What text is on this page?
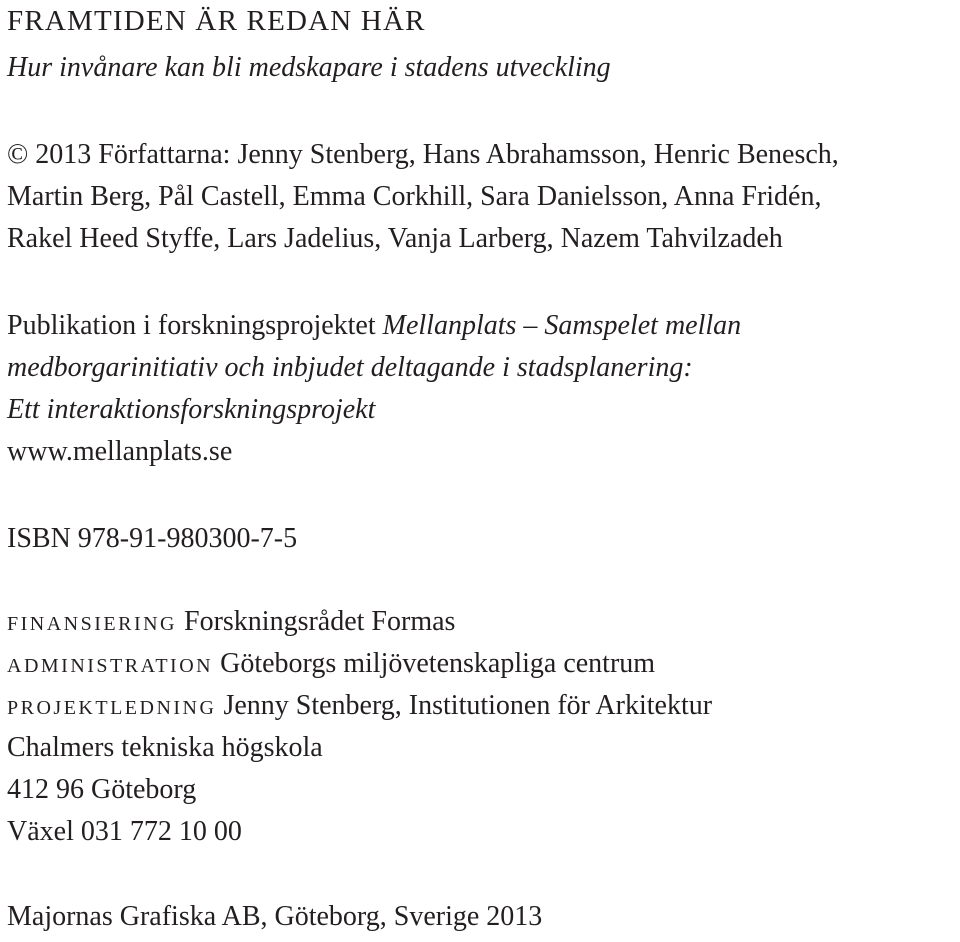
FRAMTIDEN ÄR REDAN HÄR
Hur invånare kan bli medskapare i stadens utveckling
© 2013 Författarna: Jenny Stenberg, Hans Abrahamsson, Henric Benesch,
Martin Berg, Pål Castell, Emma Corkhill, Sara Danielsson, Anna Fridén,
Rakel Heed Styffe, Lars Jadelius, Vanja Larberg, Nazem Tahvilzadeh
Publikation i forskningsprojektet Mellanplats – Samspelet mellan
medborgarinitiativ och inbjudet deltagande i stadsplanering:
Ett interaktionsforskningsprojekt
www.mellanplats.se
ISBN 978-91-980300-7-5
finansiering Forskningsrådet Formas
administration Göteborgs miljövetenskapliga centrum
projektledning Jenny Stenberg, Institutionen för Arkitektur
Chalmers tekniska högskola
412 96 Göteborg
Växel 031 772 10 00
Majornas Grafiska AB, Göteborg, Sverige 2013
